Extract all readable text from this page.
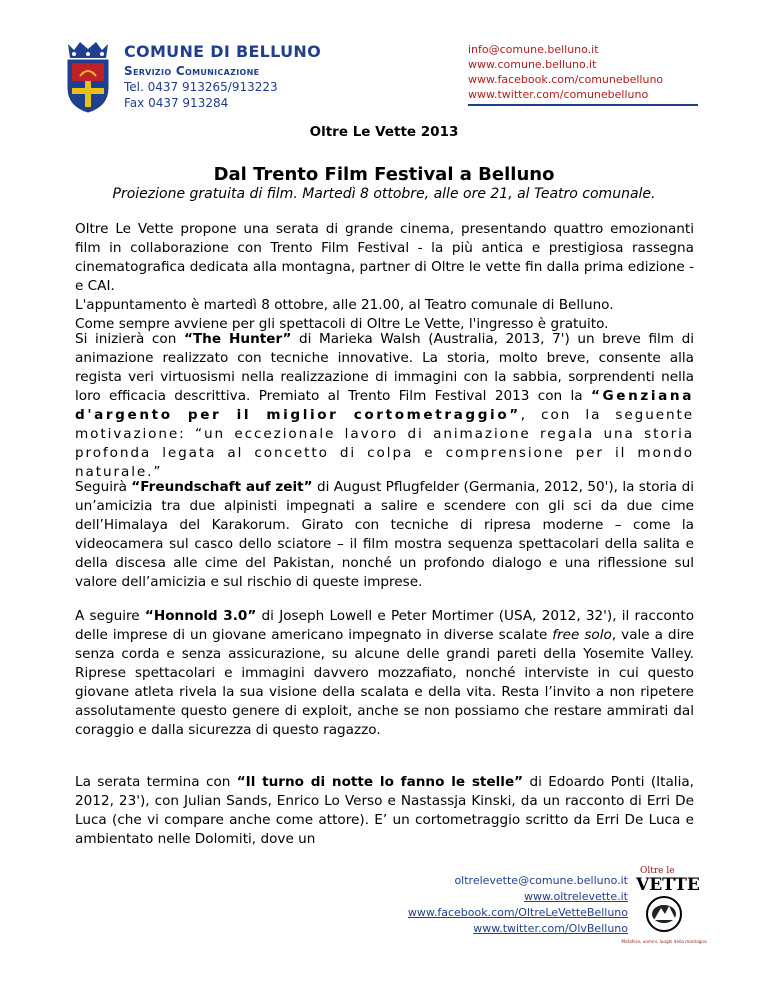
COMUNE DI BELLUNO
Servizio Comunicazione
Tel. 0437 913265/913223
Fax 0437 913284
info@comune.belluno.it
www.comune.belluno.it
www.facebook.com/comunebelluno
www.twitter.com/comunebelluno
Oltre Le Vette 2013
Dal Trento Film Festival a Belluno
Proiezione gratuita di film. Martedì 8 ottobre, alle ore 21, al Teatro comunale.

Oltre Le Vette propone una serata di grande cinema, presentando quattro emozionanti film in collaborazione con Trento Film Festival - la più antica e prestigiosa rassegna cinematografica dedicata alla montagna, partner di Oltre le vette fin dalla prima edizione - e CAI.

L'appuntamento è martedì 8 ottobre, alle 21.00, al Teatro comunale di Belluno.

Come sempre avviene per gli spettacoli di Oltre Le Vette, l'ingresso è gratuito.

Si inizierà con “The Hunter” di Marieka Walsh (Australia, 2013, 7') un breve film di animazione realizzato con tecniche innovative. La storia, molto breve, consente alla regista veri virtuosismi nella realizzazione di immagini con la sabbia, sorprendenti nella loro efficacia descrittiva. Premiato al Trento Film Festival 2013 con la “Genziana d'argento per il miglior cortometraggio”, con la seguente motivazione: “un eccezionale lavoro di animazione regala una storia profonda legata al concetto di colpa e comprensione per il mondo naturale.”

Seguirà “Freundschaft auf zeit” di August Pflugfelder (Germania, 2012, 50'), la storia di un’amicizia tra due alpinisti impegnati a salire e scendere con gli sci da due cime dell’Himalaya del Karakorum. Girato con tecniche di ripresa moderne – come la videocamera sul casco dello sciatore – il film mostra sequenza spettacolari della salita e della discesa alle cime del Pakistan, nonché un profondo dialogo e una riflessione sul valore dell’amicizia e sul rischio di queste imprese.

A seguire “Honnold 3.0” di Joseph Lowell e Peter Mortimer (USA, 2012, 32'), il racconto delle imprese di un giovane americano impegnato in diverse scalate free solo, vale a dire senza corda e senza assicurazione, su alcune delle grandi pareti della Yosemite Valley. Riprese spettacolari e immagini davvero mozzafiato, nonché interviste in cui questo giovane atleta rivela la sua visione della scalata e della vita. Resta l’invito a non ripetere assolutamente questo genere di exploit, anche se non possiamo che restare ammirati dal coraggio e dalla sicurezza di questo ragazzo.

La serata termina con “Il turno di notte lo fanno le stelle” di Edoardo Ponti (Italia, 2012, 23'), con Julian Sands, Enrico Lo Verso e Nastassja Kinski, da un racconto di Erri De Luca (che vi compare anche come attore). E’ un cortometraggio scritto da Erri De Luca e ambientato nelle Dolomiti, dove un

oltrelevette@comune.belluno.it
www.oltrelevette.it
www.facebook.com/OltreLeVetteBelluno
www.twitter.com/OlvBelluno
Oltre le
VETTE
Metafore, uomini, luoghi della montagna
